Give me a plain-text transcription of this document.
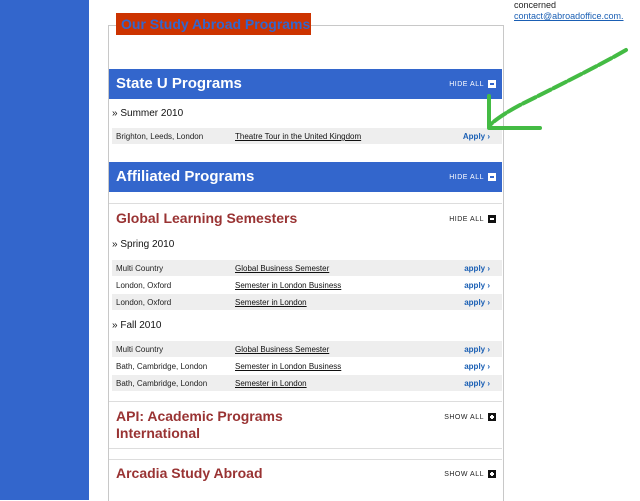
concerned
contact@abroadoffice.com.
Our Study Abroad Programs
State U Programs	HIDE ALL
» Summer 2010
Brighton, Leeds, London	Theatre Tour in the United Kingdom	Apply ›
Affiliated Programs	HIDE ALL
Global Learning Semesters	HIDE ALL
» Spring 2010
Multi Country	Global Business Semester	apply ›
London, Oxford	Semester in London Business	apply ›
London, Oxford	Semester in London	apply ›
» Fall 2010
Multi Country	Global Business Semester	apply ›
Bath, Cambridge, London	Semester in London Business	apply ›
Bath, Cambridge, London	Semester in London	apply ›
API: Academic Programs International
SHOW ALL
Arcadia Study Abroad	SHOW ALL
